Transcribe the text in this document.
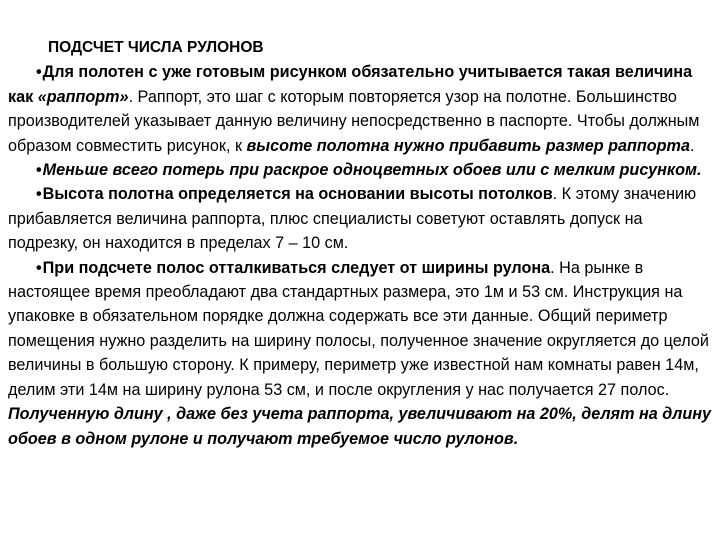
ПОДСЧЕТ ЧИСЛА РУЛОНОВ

•Для полотен с уже готовым рисунком обязательно учитывается такая величина как «раппорт». Раппорт, это шаг с которым повторяется узор на полотне. Большинство производителей указывает данную величину непосредственно в паспорте. Чтобы должным образом совместить рисунок, к высоте полотна нужно прибавить размер раппорта.

•Меньше всего потерь при раскрое одноцветных обоев или с мелким рисунком.

•Высота полотна определяется на основании высоты потолков. К этому значению прибавляется величина раппорта, плюс специалисты советуют оставлять допуск на подрезку, он находится в пределах 7 – 10 см.

•При подсчете полос отталкиваться следует от ширины рулона. На рынке в настоящее время преобладают два стандартных размера, это 1м и 53 см. Инструкция на упаковке в обязательном порядке должна содержать все эти данные. Общий периметр помещения нужно разделить на ширину полосы, полученное значение округляется до целой величины в большую сторону. К примеру, периметр уже известной нам комнаты равен 14м, делим эти 14м на ширину рулона 53 см, и после округления у нас получается 27 полос. Полученную длину , даже без учета раппорта, увеличивают на 20%, делят на длину обоев в одном рулоне и получают требуемое число рулонов.
